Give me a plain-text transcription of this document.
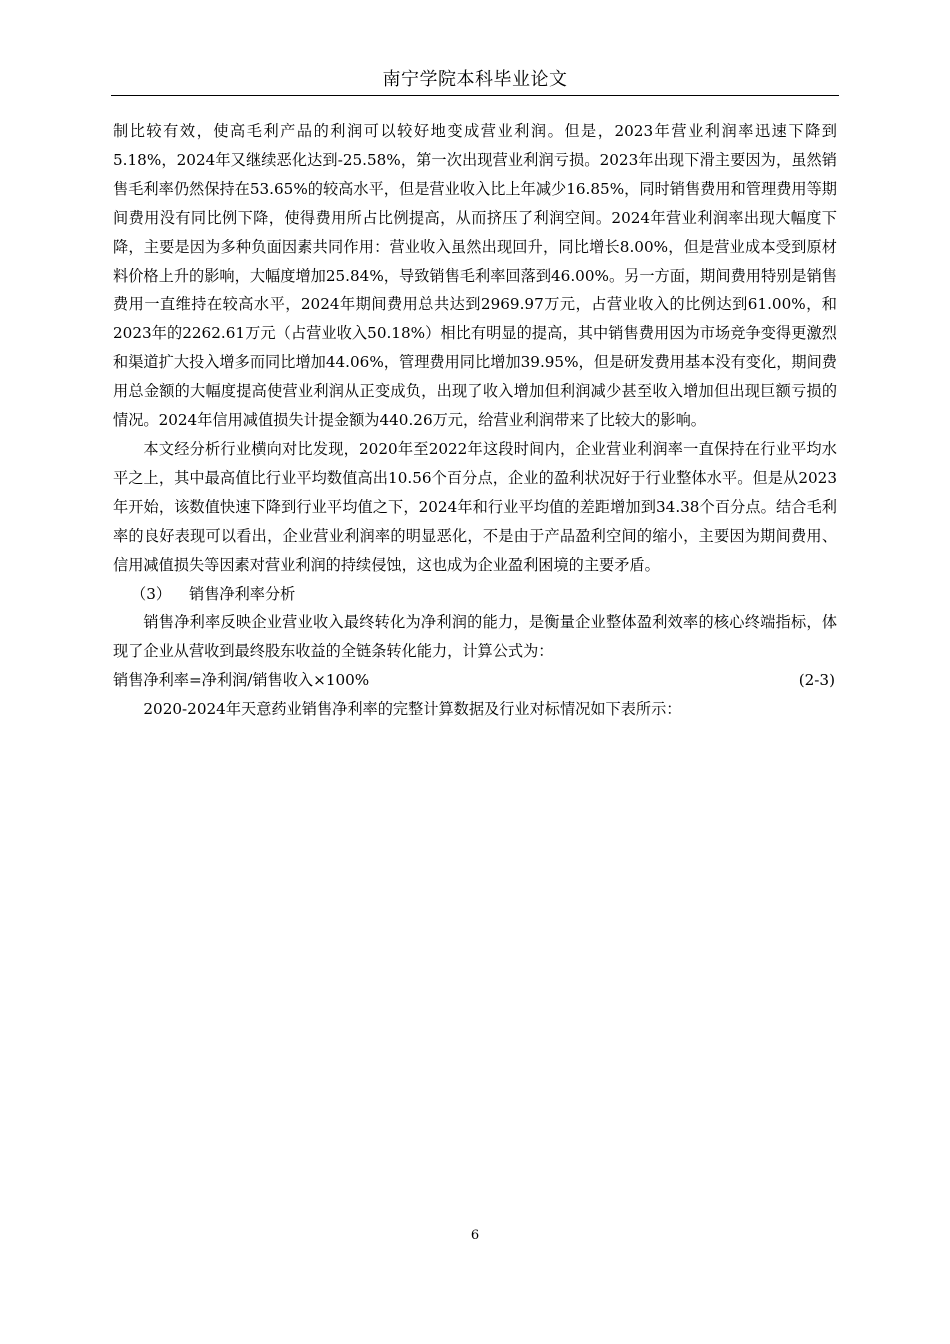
南宁学院本科毕业论文

制比较有效，使高毛利产品的利润可以较好地变成营业利润。但是，2023年营业利润率迅速下降到5.18%，2024年又继续恶化达到-25.58%，第一次出现营业利润亏损。2023年出现下滑主要因为，虽然销售毛利率仍然保持在53.65%的较高水平，但是营业收入比上年减少16.85%，同时销售费用和管理费用等期间费用没有同比例下降，使得费用所占比例提高，从而挤压了利润空间。2024年营业利润率出现大幅度下降，主要是因为多种负面因素共同作用：营业收入虽然出现回升，同比增长8.00%，但是营业成本受到原材料价格上升的影响，大幅度增加25.84%，导致销售毛利率回落到46.00%。另一方面，期间费用特别是销售费用一直维持在较高水平，2024年期间费用总共达到2969.97万元，占营业收入的比例达到61.00%，和2023年的2262.61万元（占营业收入50.18%）相比有明显的提高，其中销售费用因为市场竞争变得更激烈和渠道扩大投入增多而同比增加44.06%，管理费用同比增加39.95%，但是研发费用基本没有变化，期间费用总金额的大幅度提高使营业利润从正变成负，出现了收入增加但利润减少甚至收入增加但出现巨额亏损的情况。2024年信用减值损失计提金额为440.26万元，给营业利润带来了比较大的影响。

本文经分析行业横向对比发现，2020年至2022年这段时间内，企业营业利润率一直保持在行业平均水平之上，其中最高值比行业平均数值高出10.56个百分点，企业的盈利状况好于行业整体水平。但是从2023年开始，该数值快速下降到行业平均值之下，2024年和行业平均值的差距增加到34.38个百分点。结合毛利率的良好表现可以看出，企业营业利润率的明显恶化，不是由于产品盈利空间的缩小，主要因为期间费用、信用减值损失等因素对营业利润的持续侵蚀，这也成为企业盈利困境的主要矛盾。

（3） 销售净利率分析

销售净利率反映企业营业收入最终转化为净利润的能力，是衡量企业整体盈利效率的核心终端指标，体现了企业从营收到最终股东收益的全链条转化能力，计算公式为：

销售净利率=净利润/销售收入×100%	(2-3)

2020-2024年天意药业销售净利率的完整计算数据及行业对标情况如下表所示：

6
